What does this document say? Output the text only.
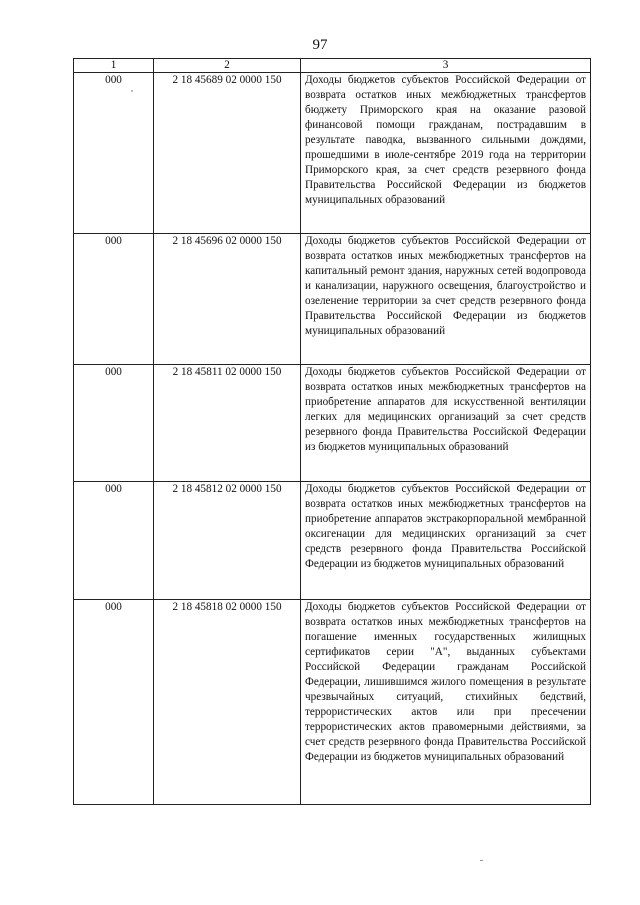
97
1	2	3
000	2 18 45689 02 0000 150	Доходы бюджетов субъектов Российской Федерации от возврата остатков иных межбюджетных трансфертов бюджету Приморского края на оказание разовой финансовой помощи гражданам, пострадавшим в результате паводка, вызванного сильными дождями, прошедшими в июле-сентябре 2019 года на территории Приморского края, за счет средств резервного фонда Правительства Российской Федерации из бюджетов муниципальных образований
000	2 18 45696 02 0000 150	Доходы бюджетов субъектов Российской Федерации от возврата остатков иных межбюджетных трансфертов на капитальный ремонт здания, наружных сетей водопровода и канализации, наружного освещения, благоустройство и озеленение территории за счет средств резервного фонда Правительства Российской Федерации из бюджетов муниципальных образований
000	2 18 45811 02 0000 150	Доходы бюджетов субъектов Российской Федерации от возврата остатков иных межбюджетных трансфертов на приобретение аппаратов для искусственной вентиляции легких для медицинских организаций за счет средств резервного фонда Правительства Российской Федерации из бюджетов муниципальных образований
000	2 18 45812 02 0000 150	Доходы бюджетов субъектов Российской Федерации от возврата остатков иных межбюджетных трансфертов на приобретение аппаратов экстракорпоральной мембранной оксигенации для медицинских организаций за счет средств резервного фонда Правительства Российской Федерации из бюджетов муниципальных образований
000	2 18 45818 02 0000 150	Доходы бюджетов субъектов Российской Федерации от возврата остатков иных межбюджетных трансфертов на погашение именных государственных жилищных сертификатов серии "А", выданных субъектами Российской Федерации гражданам Российской Федерации, лишившимся жилого помещения в результате чрезвычайных ситуаций, стихийных бедствий, террористических актов или при пресечении террористических актов правомерными действиями, за счет средств резервного фонда Правительства Российской Федерации из бюджетов муниципальных образований
